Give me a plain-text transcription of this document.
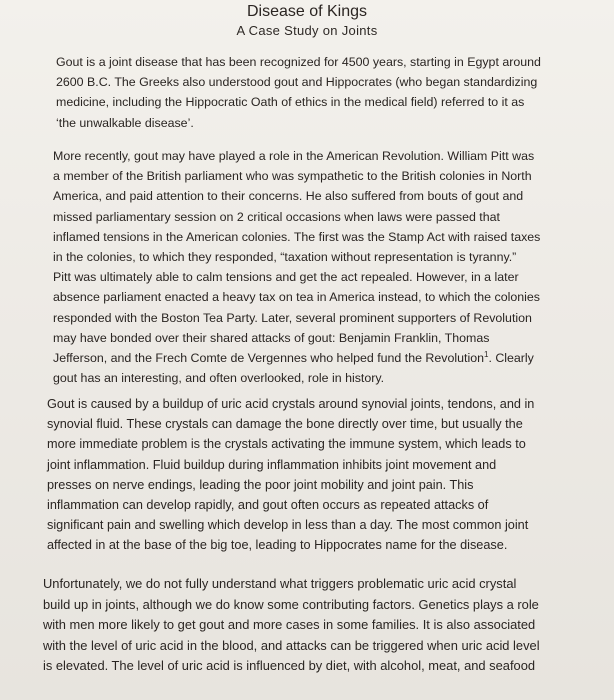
Disease of Kings
A Case Study on Joints

Gout is a joint disease that has been recognized for 4500 years, starting in Egypt around
2600 B.C. The Greeks also understood gout and Hippocrates (who began standardizing
medicine, including the Hippocratic Oath of ethics in the medical field) referred to it as
‘the unwalkable disease’.

More recently, gout may have played a role in the American Revolution. William Pitt was
a member of the British parliament who was sympathetic to the British colonies in North
America, and paid attention to their concerns. He also suffered from bouts of gout and
missed parliamentary session on 2 critical occasions when laws were passed that
inflamed tensions in the American colonies. The first was the Stamp Act with raised taxes
in the colonies, to which they responded, “taxation without representation is tyranny.”
Pitt was ultimately able to calm tensions and get the act repealed. However, in a later
absence parliament enacted a heavy tax on tea in America instead, to which the colonies
responded with the Boston Tea Party. Later, several prominent supporters of Revolution
may have bonded over their shared attacks of gout: Benjamin Franklin, Thomas
Jefferson, and the Frech Comte de Vergennes who helped fund the Revolution$^1$. Clearly
gout has an interesting, and often overlooked, role in history.

Gout is caused by a buildup of uric acid crystals around synovial joints, tendons, and in
synovial fluid. These crystals can damage the bone directly over time, but usually the
more immediate problem is the crystals activating the immune system, which leads to
joint inflammation. Fluid buildup during inflammation inhibits joint movement and
presses on nerve endings, leading the poor joint mobility and joint pain. This
inflammation can develop rapidly, and gout often occurs as repeated attacks of
significant pain and swelling which develop in less than a day. The most common joint
affected in at the base of the big toe, leading to Hippocrates name for the disease.

Unfortunately, we do not fully understand what triggers problematic uric acid crystal
build up in joints, although we do know some contributing factors. Genetics plays a role
with men more likely to get gout and more cases in some families. It is also associated
with the level of uric acid in the blood, and attacks can be triggered when uric acid level
is elevated. The level of uric acid is influenced by diet, with alcohol, meat, and seafood
